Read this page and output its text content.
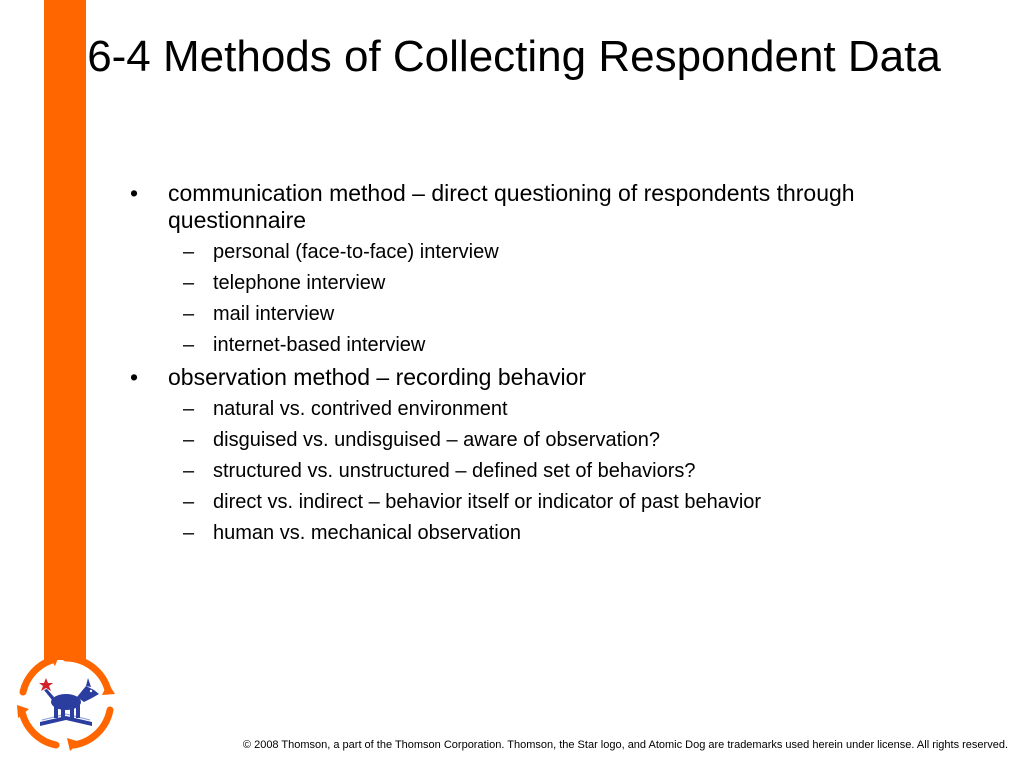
6-4 Methods of Collecting Respondent Data
•	communication method – direct questioning of respondents through questionnaire
– personal (face-to-face) interview
– telephone interview
– mail interview
– internet-based interview
•	observation method – recording behavior
– natural vs. contrived environment
– disguised vs. undisguised – aware of observation?
– structured vs. unstructured – defined set of behaviors?
– direct vs. indirect – behavior itself or indicator of past behavior
– human vs. mechanical observation
© 2008 Thomson, a part of the Thomson Corporation. Thomson, the Star logo, and Atomic Dog are trademarks used herein under license. All rights reserved.
